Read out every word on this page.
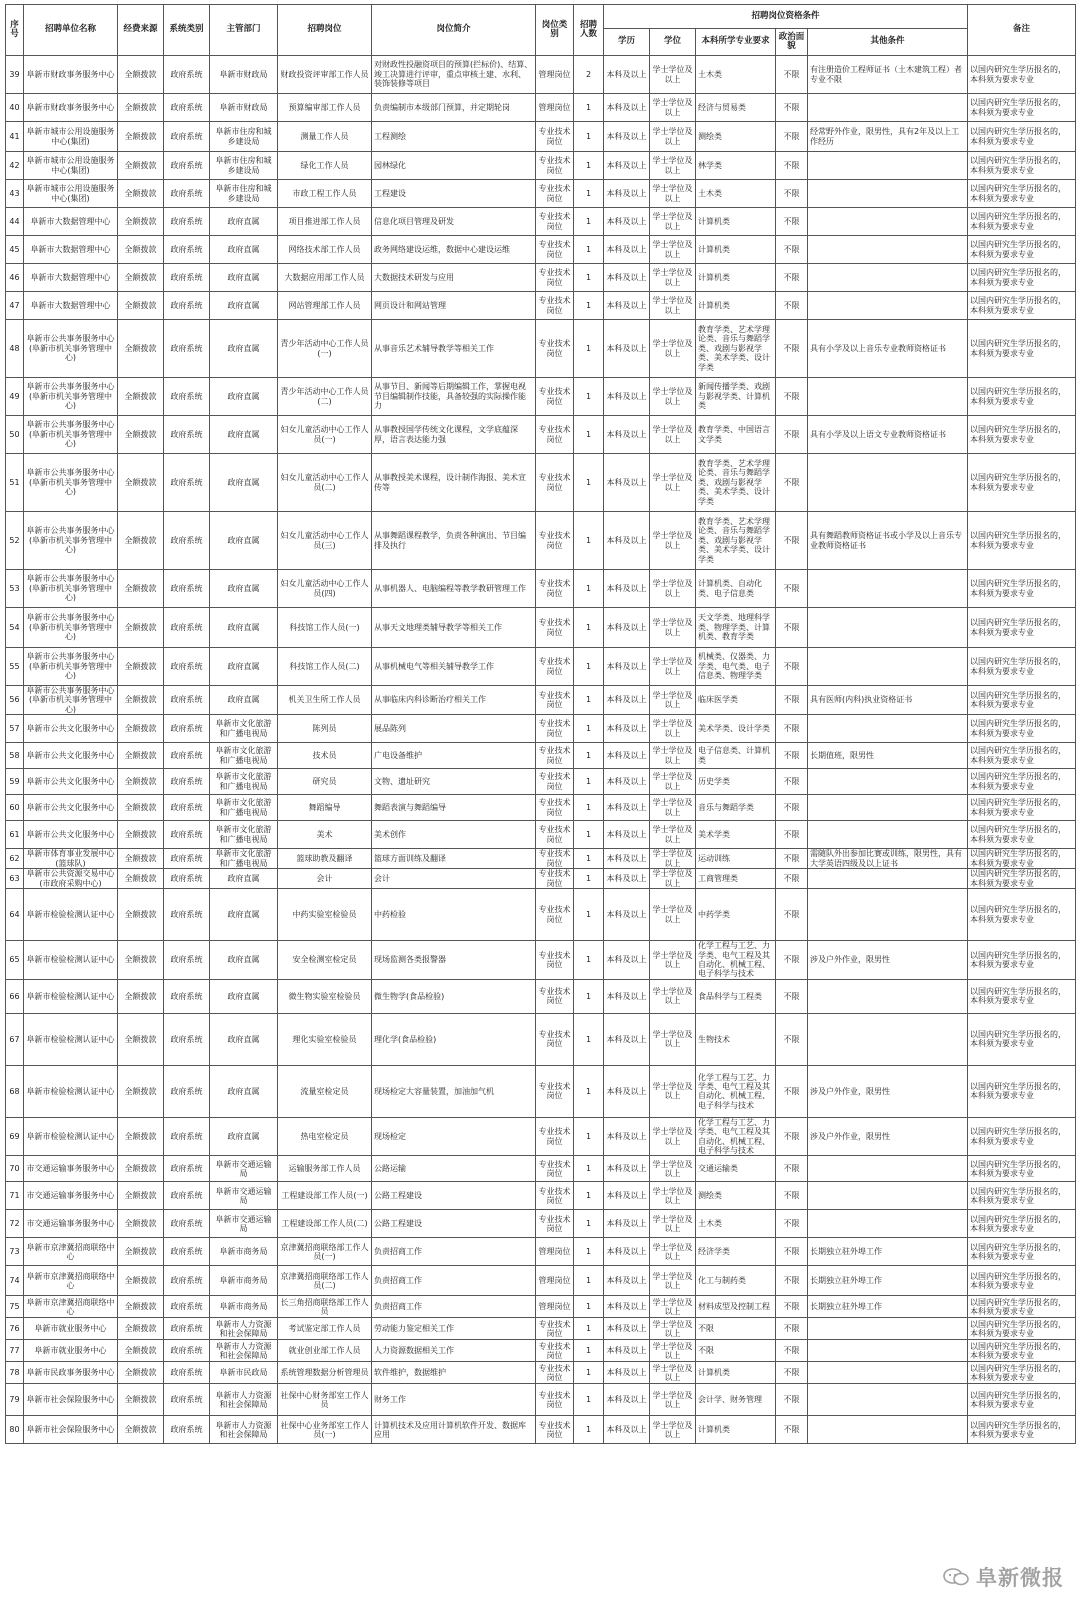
序号	招聘单位名称	经费来源	系统类别	主管部门	招聘岗位	岗位简介	岗位类别	招聘人数	招聘岗位资格条件					备注
									学历	学位	本科所学专业要求	政治面貌	其他条件	
39	阜新市财政事务服务中心	全额拨款	政府系统	阜新市财政局	财政投资评审部工作人员	对财政性投融资项目的预算(拦标价)、结算、竣工决算进行评审，重点审核土建、水利、装饰装修等项目	管理岗位	2	本科及以上	学士学位及以上	土木类	不限	有注册造价工程师证书（土木建筑工程）者专业不限	以国内研究生学历报名的，本科须为要求专业
40	阜新市财政事务服务中心	全额拨款	政府系统	阜新市财政局	预算编审部工作人员	负责编制市本级部门预算，并定期轮岗	管理岗位	1	本科及以上	学士学位及以上	经济与贸易类	不限		以国内研究生学历报名的，本科须为要求专业
41	阜新市城市公用设施服务中心(集团)	全额拨款	政府系统	阜新市住房和城乡建设局	测量工作人员	工程测绘	专业技术岗位	1	本科及以上	学士学位及以上	测绘类	不限	经常野外作业，限男性，具有2年及以上工作经历	以国内研究生学历报名的，本科须为要求专业
42	阜新市城市公用设施服务中心(集团)	全额拨款	政府系统	阜新市住房和城乡建设局	绿化工作人员	园林绿化	专业技术岗位	1	本科及以上	学士学位及以上	林学类	不限		以国内研究生学历报名的，本科须为要求专业
43	阜新市城市公用设施服务中心(集团)	全额拨款	政府系统	阜新市住房和城乡建设局	市政工程工作人员	工程建设	专业技术岗位	1	本科及以上	学士学位及以上	土木类	不限		以国内研究生学历报名的，本科须为要求专业
44	阜新市大数据管理中心	全额拨款	政府系统	政府直属	项目推进部工作人员	信息化项目管理及研发	专业技术岗位	1	本科及以上	学士学位及以上	计算机类	不限		以国内研究生学历报名的，本科须为要求专业
45	阜新市大数据管理中心	全额拨款	政府系统	政府直属	网络技术部工作人员	政务网络建设运维，数据中心建设运维	专业技术岗位	1	本科及以上	学士学位及以上	计算机类	不限		以国内研究生学历报名的，本科须为要求专业
46	阜新市大数据管理中心	全额拨款	政府系统	政府直属	大数据应用部工作人员	大数据技术研发与应用	专业技术岗位	1	本科及以上	学士学位及以上	计算机类	不限		以国内研究生学历报名的，本科须为要求专业
47	阜新市大数据管理中心	全额拨款	政府系统	政府直属	网站管理部工作人员	网页设计和网站管理	专业技术岗位	1	本科及以上	学士学位及以上	计算机类	不限		以国内研究生学历报名的，本科须为要求专业
48	阜新市公共事务服务中心(阜新市机关事务管理中心)	全额拨款	政府系统	政府直属	青少年活动中心工作人员(一)	从事音乐艺术辅导教学等相关工作	专业技术岗位	1	本科及以上	学士学位及以上	教育学类、艺术学理论类、音乐与舞蹈学类、戏剧与影视学类、美术学类、设计学类	不限	具有小学及以上音乐专业教师资格证书	以国内研究生学历报名的，本科须为要求专业
49	阜新市公共事务服务中心(阜新市机关事务管理中心)	全额拨款	政府系统	政府直属	青少年活动中心工作人员(二)	从事节目、新闻等后期编辑工作，掌握电视节目编辑制作技能，具备较强的实际操作能力	专业技术岗位	1	本科及以上	学士学位及以上	新闻传播学类、戏剧与影视学类、计算机类	不限		以国内研究生学历报名的，本科须为要求专业
50	阜新市公共事务服务中心(阜新市机关事务管理中心)	全额拨款	政府系统	政府直属	妇女儿童活动中心工作人员(一)	从事教授国学传统文化课程，文学底蕴深厚，语言表达能力强	专业技术岗位	1	本科及以上	学士学位及以上	教育学类、中国语言文学类	不限	具有小学及以上语文专业教师资格证书	以国内研究生学历报名的，本科须为要求专业
51	阜新市公共事务服务中心(阜新市机关事务管理中心)	全额拨款	政府系统	政府直属	妇女儿童活动中心工作人员(二)	从事教授美术课程，设计制作海报、美术宣传等	专业技术岗位	1	本科及以上	学士学位及以上	教育学类、艺术学理论类、音乐与舞蹈学类、戏剧与影视学类、美术学类、设计学类	不限		以国内研究生学历报名的，本科须为要求专业
52	阜新市公共事务服务中心(阜新市机关事务管理中心)	全额拨款	政府系统	政府直属	妇女儿童活动中心工作人员(三)	从事舞蹈课程教学，负责各种演出、节目编排及执行	专业技术岗位	1	本科及以上	学士学位及以上	教育学类、艺术学理论类、音乐与舞蹈学类、戏剧与影视学类、美术学类、设计学类	不限	具有舞蹈教师资格证书或小学及以上音乐专业教师资格证书	以国内研究生学历报名的，本科须为要求专业
53	阜新市公共事务服务中心(阜新市机关事务管理中心)	全额拨款	政府系统	政府直属	妇女儿童活动中心工作人员(四)	从事机器人、电脑编程等教学教研管理工作	专业技术岗位	1	本科及以上	学士学位及以上	计算机类、自动化类、电子信息类	不限		以国内研究生学历报名的，本科须为要求专业
54	阜新市公共事务服务中心(阜新市机关事务管理中心)	全额拨款	政府系统	政府直属	科技馆工作人员(一)	从事天文地理类辅导教学等相关工作	专业技术岗位	1	本科及以上	学士学位及以上	天文学类、地理科学类、物理学类、计算机类、教育学类	不限		以国内研究生学历报名的，本科须为要求专业
55	阜新市公共事务服务中心(阜新市机关事务管理中心)	全额拨款	政府系统	政府直属	科技馆工作人员(二)	从事机械电气等相关辅导教学工作	专业技术岗位	1	本科及以上	学士学位及以上	机械类、仪器类、力学类、电气类、电子信息类、物理学类	不限		以国内研究生学历报名的，本科须为要求专业
56	阜新市公共事务服务中心(阜新市机关事务管理中心)	全额拨款	政府系统	政府直属	机关卫生所工作人员	从事临床内科诊断治疗相关工作	专业技术岗位	1	本科及以上	学士学位及以上	临床医学类	不限	具有医师(内科)执业资格证书	以国内研究生学历报名的，本科须为要求专业
57	阜新市公共文化服务中心	全额拨款	政府系统	阜新市文化旅游和广播电视局	陈列员	展品陈列	专业技术岗位	1	本科及以上	学士学位及以上	美术学类、设计学类	不限		以国内研究生学历报名的，本科须为要求专业
58	阜新市公共文化服务中心	全额拨款	政府系统	阜新市文化旅游和广播电视局	技术员	广电设备维护	专业技术岗位	1	本科及以上	学士学位及以上	电子信息类、计算机类	不限	长期值班，限男性	以国内研究生学历报名的，本科须为要求专业
59	阜新市公共文化服务中心	全额拨款	政府系统	阜新市文化旅游和广播电视局	研究员	文物、遗址研究	专业技术岗位	1	本科及以上	学士学位及以上	历史学类	不限		以国内研究生学历报名的，本科须为要求专业
60	阜新市公共文化服务中心	全额拨款	政府系统	阜新市文化旅游和广播电视局	舞蹈编导	舞蹈表演与舞蹈编导	专业技术岗位	1	本科及以上	学士学位及以上	音乐与舞蹈学类	不限		以国内研究生学历报名的，本科须为要求专业
61	阜新市公共文化服务中心	全额拨款	政府系统	阜新市文化旅游和广播电视局	美术	美术创作	专业技术岗位	1	本科及以上	学士学位及以上	美术学类	不限		以国内研究生学历报名的，本科须为要求专业
62	阜新市体育事业发展中心(篮球队)	全额拨款	政府系统	阜新市文化旅游和广播电视局	篮球助教及翻译	篮球方面训练及翻译	专业技术岗位	1	本科及以上	学士学位及以上	运动训练	不限	需随队外出参加比赛或训练，限男性，具有大学英语四级及以上证书	以国内研究生学历报名的，本科须为要求专业
63	阜新市公共资源交易中心(市政府采购中心)	全额拨款	政府系统	政府直属	会计	会计	专业技术岗位	1	本科及以上	学士学位及以上	工商管理类	不限		以国内研究生学历报名的，本科须为要求专业
64	阜新市检验检测认证中心	全额拨款	政府系统	政府直属	中药实验室检验员	中药检验	专业技术岗位	1	本科及以上	学士学位及以上	中药学类	不限		以国内研究生学历报名的，本科须为要求专业
65	阜新市检验检测认证中心	全额拨款	政府系统	政府直属	安全检测室检定员	现场监测各类报警器	专业技术岗位	1	本科及以上	学士学位及以上	化学工程与工艺、力学类、电气工程及其自动化、机械工程、电子科学与技术	不限	涉及户外作业，限男性	以国内研究生学历报名的，本科须为要求专业
66	阜新市检验检测认证中心	全额拨款	政府系统	政府直属	微生物实验室检验员	微生物学(食品检验)	专业技术岗位	1	本科及以上	学士学位及以上	食品科学与工程类	不限		以国内研究生学历报名的，本科须为要求专业
67	阜新市检验检测认证中心	全额拨款	政府系统	政府直属	理化实验室检验员	理化学(食品检验)	专业技术岗位	1	本科及以上	学士学位及以上	生物技术	不限		以国内研究生学历报名的，本科须为要求专业
68	阜新市检验检测认证中心	全额拨款	政府系统	政府直属	流量室检定员	现场检定大容量装置，加油加气机	专业技术岗位	1	本科及以上	学士学位及以上	化学工程与工艺、力学类、电气工程及其自动化、机械工程、电子科学与技术	不限	涉及户外作业，限男性	以国内研究生学历报名的，本科须为要求专业
69	阜新市检验检测认证中心	全额拨款	政府系统	政府直属	热电室检定员	现场检定	专业技术岗位	1	本科及以上	学士学位及以上	化学工程与工艺、力学类、电气工程及其自动化、机械工程、电子科学与技术	不限	涉及户外作业，限男性	以国内研究生学历报名的，本科须为要求专业
70	市交通运输事务服务中心	全额拨款	政府系统	阜新市交通运输局	运输服务部工作人员	公路运输	专业技术岗位	1	本科及以上	学士学位及以上	交通运输类	不限		以国内研究生学历报名的，本科须为要求专业
71	市交通运输事务服务中心	全额拨款	政府系统	阜新市交通运输局	工程建设部工作人员(一)	公路工程建设	专业技术岗位	1	本科及以上	学士学位及以上	测绘类	不限		以国内研究生学历报名的，本科须为要求专业
72	市交通运输事务服务中心	全额拨款	政府系统	阜新市交通运输局	工程建设部工作人员(二)	公路工程建设	专业技术岗位	1	本科及以上	学士学位及以上	土木类	不限		以国内研究生学历报名的，本科须为要求专业
73	阜新市京津冀招商联络中心	全额拨款	政府系统	阜新市商务局	京津冀招商联络部工作人员(一)	负责招商工作	管理岗位	1	本科及以上	学士学位及以上	经济学类	不限	长期独立驻外埠工作	以国内研究生学历报名的，本科须为要求专业
74	阜新市京津冀招商联络中心	全额拨款	政府系统	阜新市商务局	京津冀招商联络部工作人员(二)	负责招商工作	管理岗位	1	本科及以上	学士学位及以上	化工与制药类	不限	长期独立驻外埠工作	以国内研究生学历报名的，本科须为要求专业
75	阜新市京津冀招商联络中心	全额拨款	政府系统	阜新市商务局	长三角招商联络部工作人员	负责招商工作	管理岗位	1	本科及以上	学士学位及以上	材料成型及控制工程	不限	长期独立驻外埠工作	以国内研究生学历报名的，本科须为要求专业
76	阜新市就业服务中心	全额拨款	政府系统	阜新市人力资源和社会保障局	考试鉴定部工作人员	劳动能力鉴定相关工作	专业技术岗位	1	本科及以上	学士学位及以上	不限	不限		以国内研究生学历报名的，本科须为要求专业
77	阜新市就业服务中心	全额拨款	政府系统	阜新市人力资源和社会保障局	就业创业部工作人员	人力资源数据相关工作	专业技术岗位	1	本科及以上	学士学位及以上	不限	不限		以国内研究生学历报名的，本科须为要求专业
78	阜新市民政事务服务中心	全额拨款	政府系统	阜新市民政局	系统管理数据分析管理员	软件维护，数据维护	专业技术岗位	1	本科及以上	学士学位及以上	计算机类	不限		以国内研究生学历报名的，本科须为要求专业
79	阜新市社会保险服务中心	全额拨款	政府系统	阜新市人力资源和社会保障局	社保中心财务部室工作人员	财务工作	专业技术岗位	1	本科及以上	学士学位及以上	会计学、财务管理	不限		以国内研究生学历报名的，本科须为要求专业
80	阜新市社会保险服务中心	全额拨款	政府系统	阜新市人力资源和社会保障局	社保中心业务部室工作人员(一)	计算机技术及应用计算机软件开发、数据库应用	专业技术岗位	1	本科及以上	学士学位及以上	计算机类	不限		以国内研究生学历报名的，本科须为要求专业
阜新微报
